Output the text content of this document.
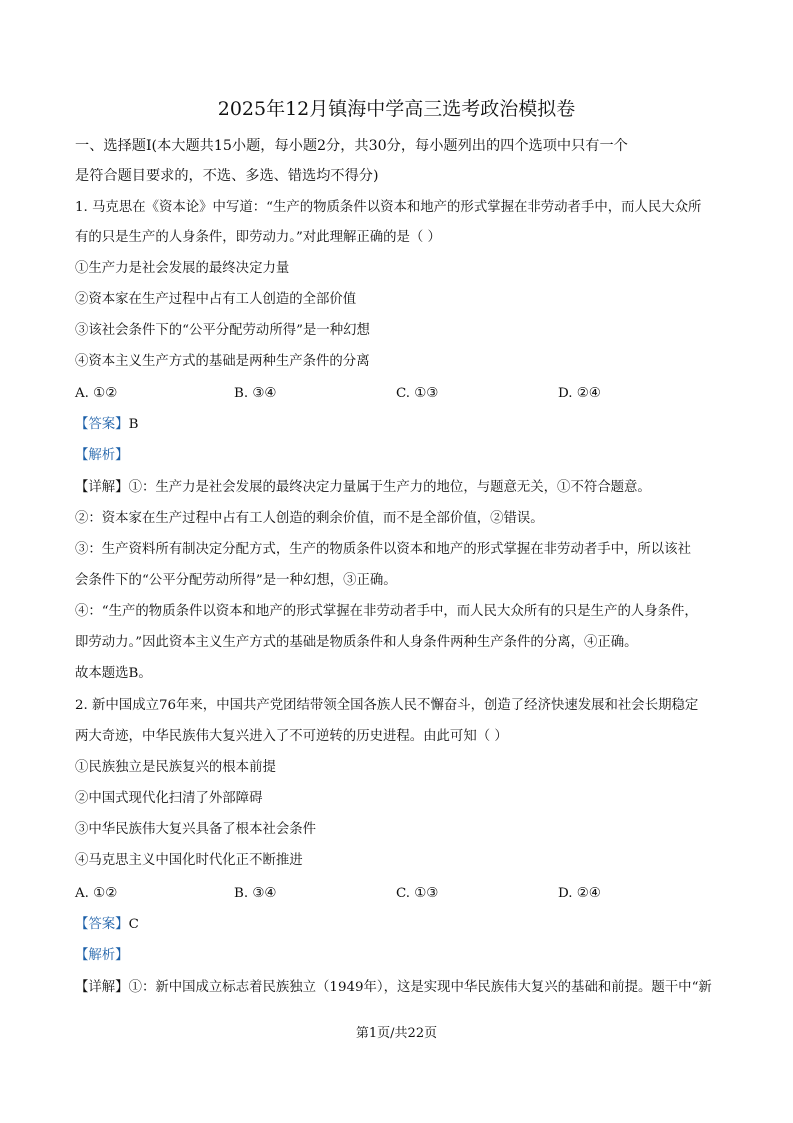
2025年12月镇海中学高三选考政治模拟卷
一、选择题Ⅰ(本大题共15小题，每小题2分，共30分，每小题列出的四个选项中只有一个
是符合题目要求的，不选、多选、错选均不得分)
1. 马克思在《资本论》中写道：“生产的物质条件以资本和地产的形式掌握在非劳动者手中，而人民大众所
有的只是生产的人身条件，即劳动力。”对此理解正确的是（ ）
①生产力是社会发展的最终决定力量
②资本家在生产过程中占有工人创造的全部价值
③该社会条件下的“公平分配劳动所得”是一种幻想
④资本主义生产方式的基础是两种生产条件的分离
A. ①②	B. ③④	C. ①③	D. ②④
【答案】B
【解析】
【详解】①：生产力是社会发展的最终决定力量属于生产力的地位，与题意无关，①不符合题意。
②：资本家在生产过程中占有工人创造的剩余价值，而不是全部价值，②错误。
③：生产资料所有制决定分配方式，生产的物质条件以资本和地产的形式掌握在非劳动者手中，所以该社
会条件下的“公平分配劳动所得”是一种幻想，③正确。
④：“生产的物质条件以资本和地产的形式掌握在非劳动者手中，而人民大众所有的只是生产的人身条件，
即劳动力。”因此资本主义生产方式的基础是物质条件和人身条件两种生产条件的分离，④正确。
故本题选B。
2. 新中国成立76年来，中国共产党团结带领全国各族人民不懈奋斗，创造了经济快速发展和社会长期稳定
两大奇迹，中华民族伟大复兴进入了不可逆转的历史进程。由此可知（ ）
①民族独立是民族复兴的根本前提
②中国式现代化扫清了外部障碍
③中华民族伟大复兴具备了根本社会条件
④马克思主义中国化时代化正不断推进
A. ①②	B. ③④	C. ①③	D. ②④
【答案】C
【解析】
【详解】①：新中国成立标志着民族独立（1949年），这是实现中华民族伟大复兴的基础和前提。题干中“新
第1页/共22页
